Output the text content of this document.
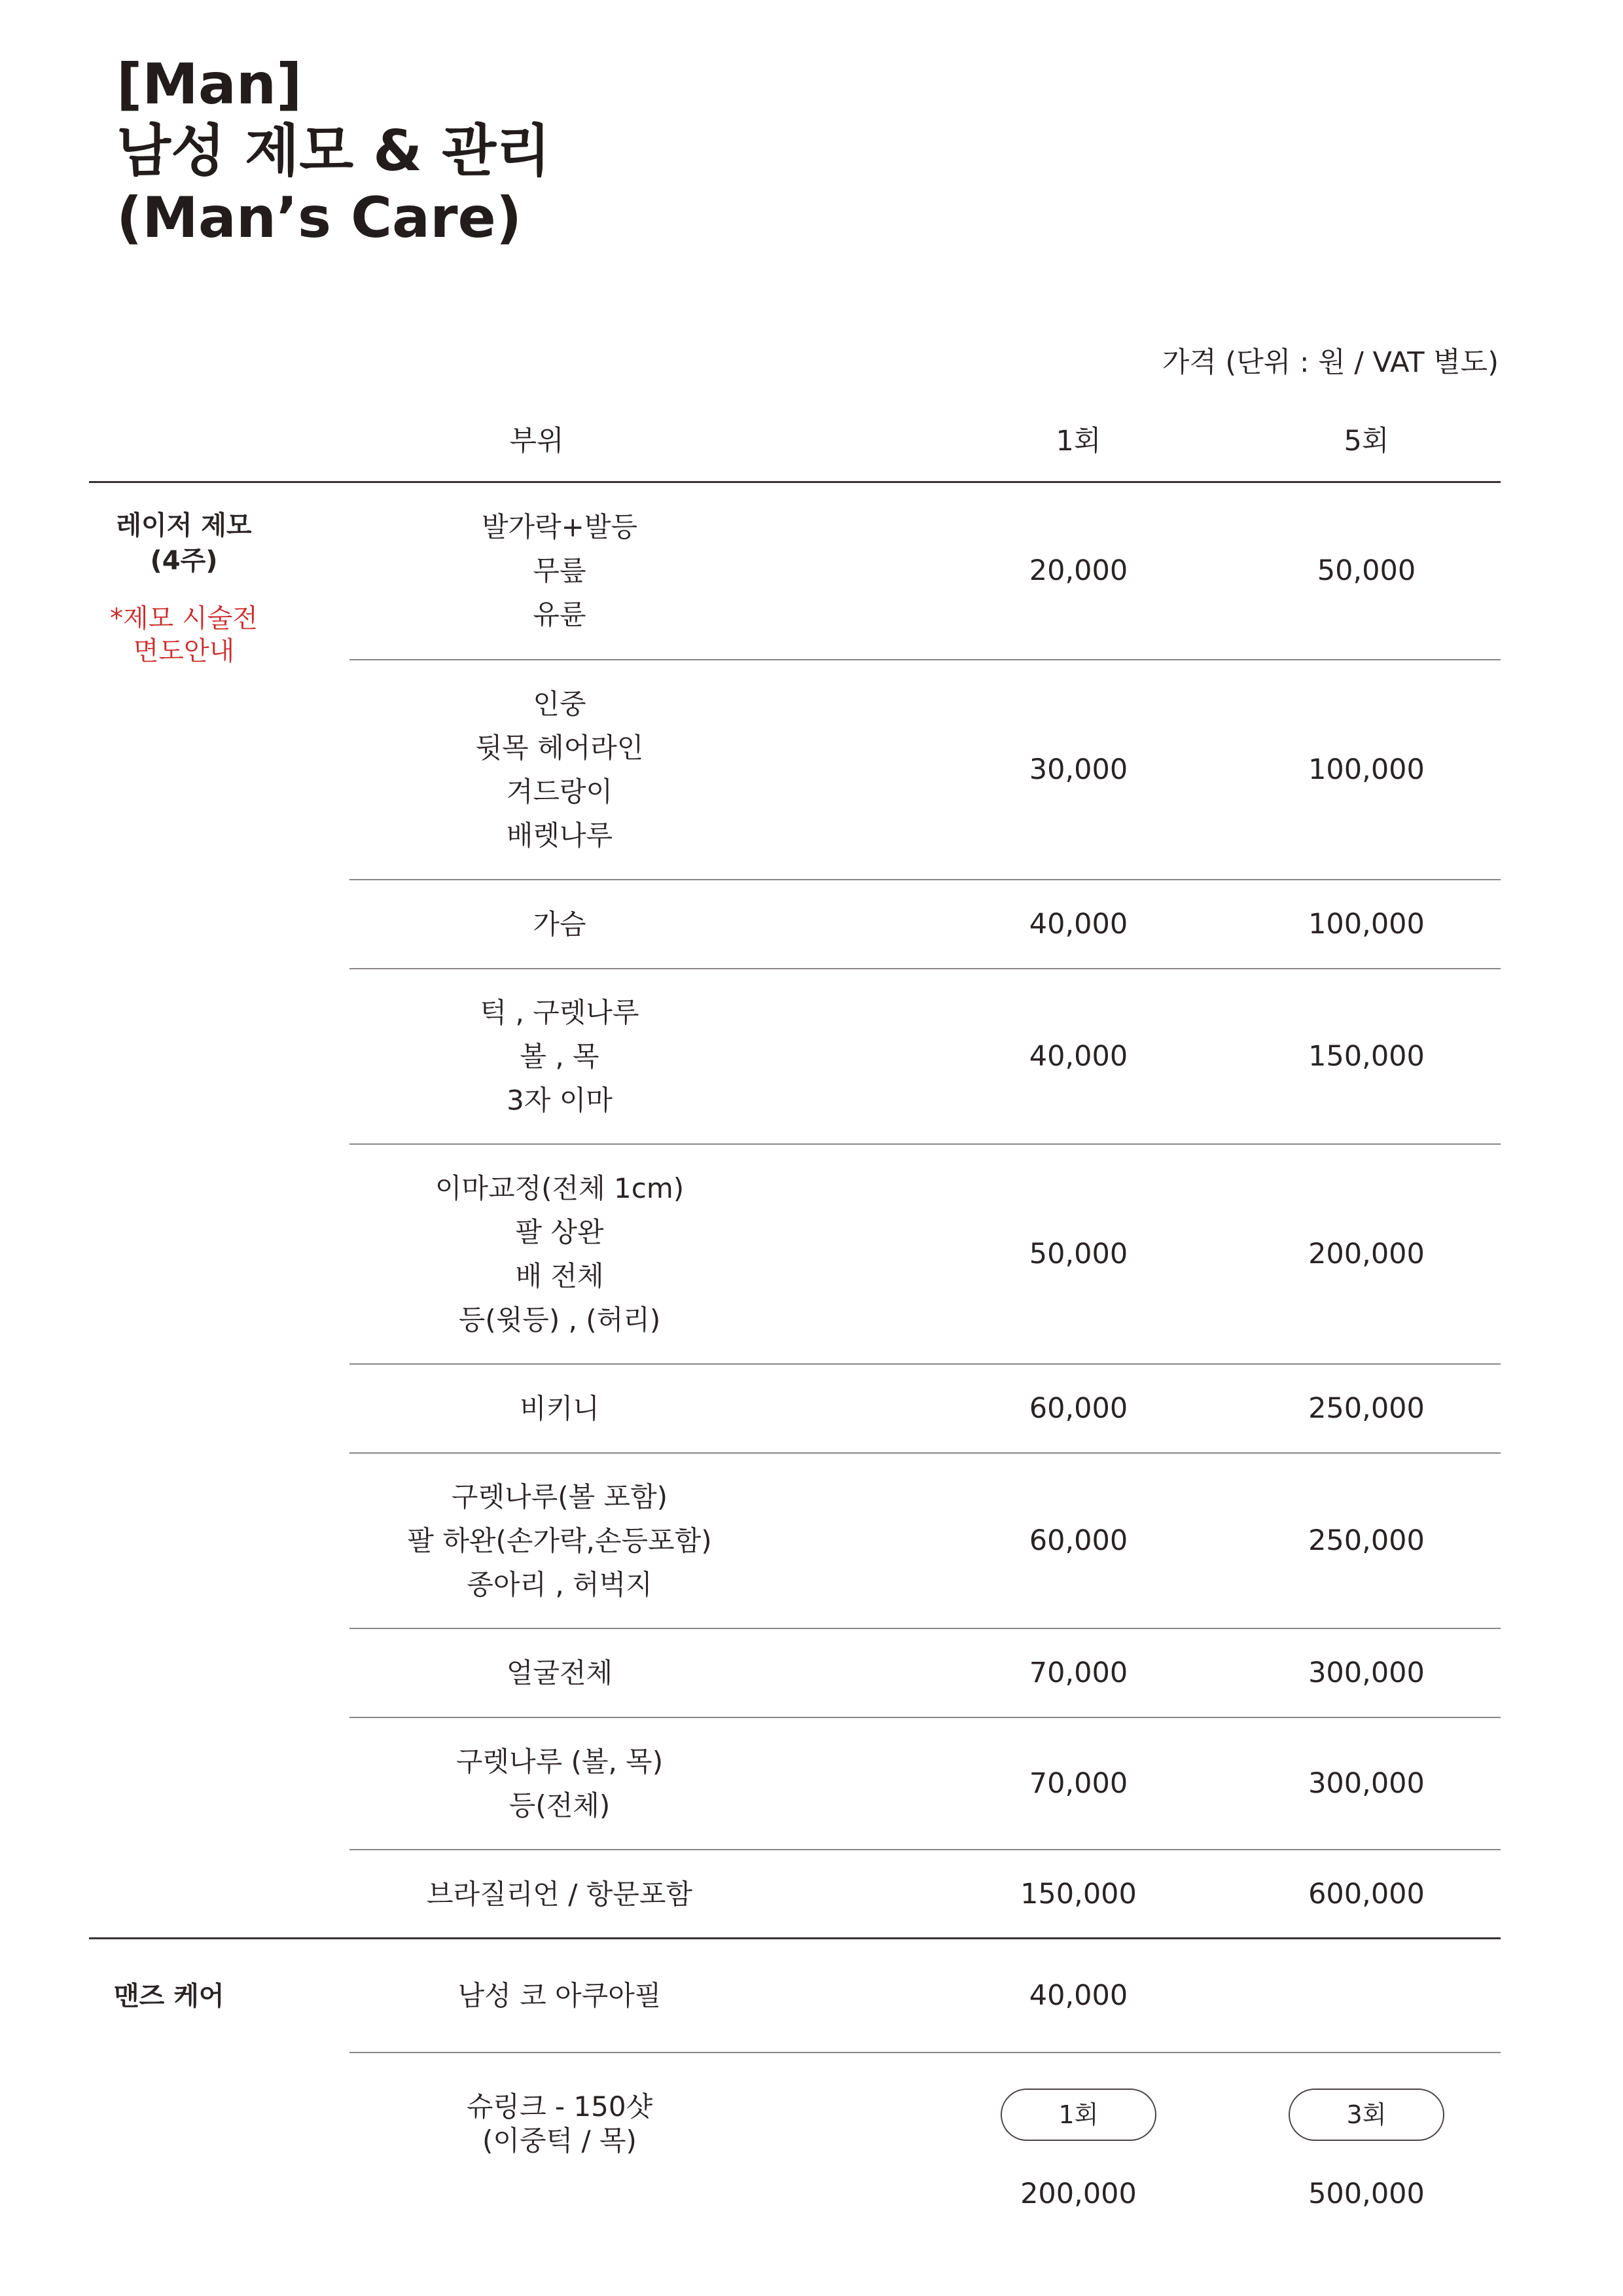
[Man]
남성 제모 & 관리
(Man’s Care)
가격 (단위 : 원 / VAT 별도)
부위	1회	5회
레이저 제모
(4주)
*제모 시술전
면도안내
발가락+발등
무릎
유륜
20,000	50,000
인중
뒷목 헤어라인
겨드랑이
배렛나루
30,000	100,000
가슴	40,000	100,000
턱 , 구렛나루
볼 , 목
3자 이마
40,000	150,000
이마교정(전체 1cm)
팔 상완
배 전체
등(윗등) , (허리)
50,000	200,000
비키니	60,000	250,000
구렛나루(볼 포함)
팔 하완(손가락,손등포함)
종아리 , 허벅지
60,000	250,000
얼굴전체	70,000	300,000
구렛나루 (볼, 목)
등(전체)
70,000	300,000
브라질리언 / 항문포함	150,000	600,000
맨즈 케어	남성 코 아쿠아필	40,000
슈링크 - 150샷
(이중턱 / 목)
1회	3회
200,000	500,000
